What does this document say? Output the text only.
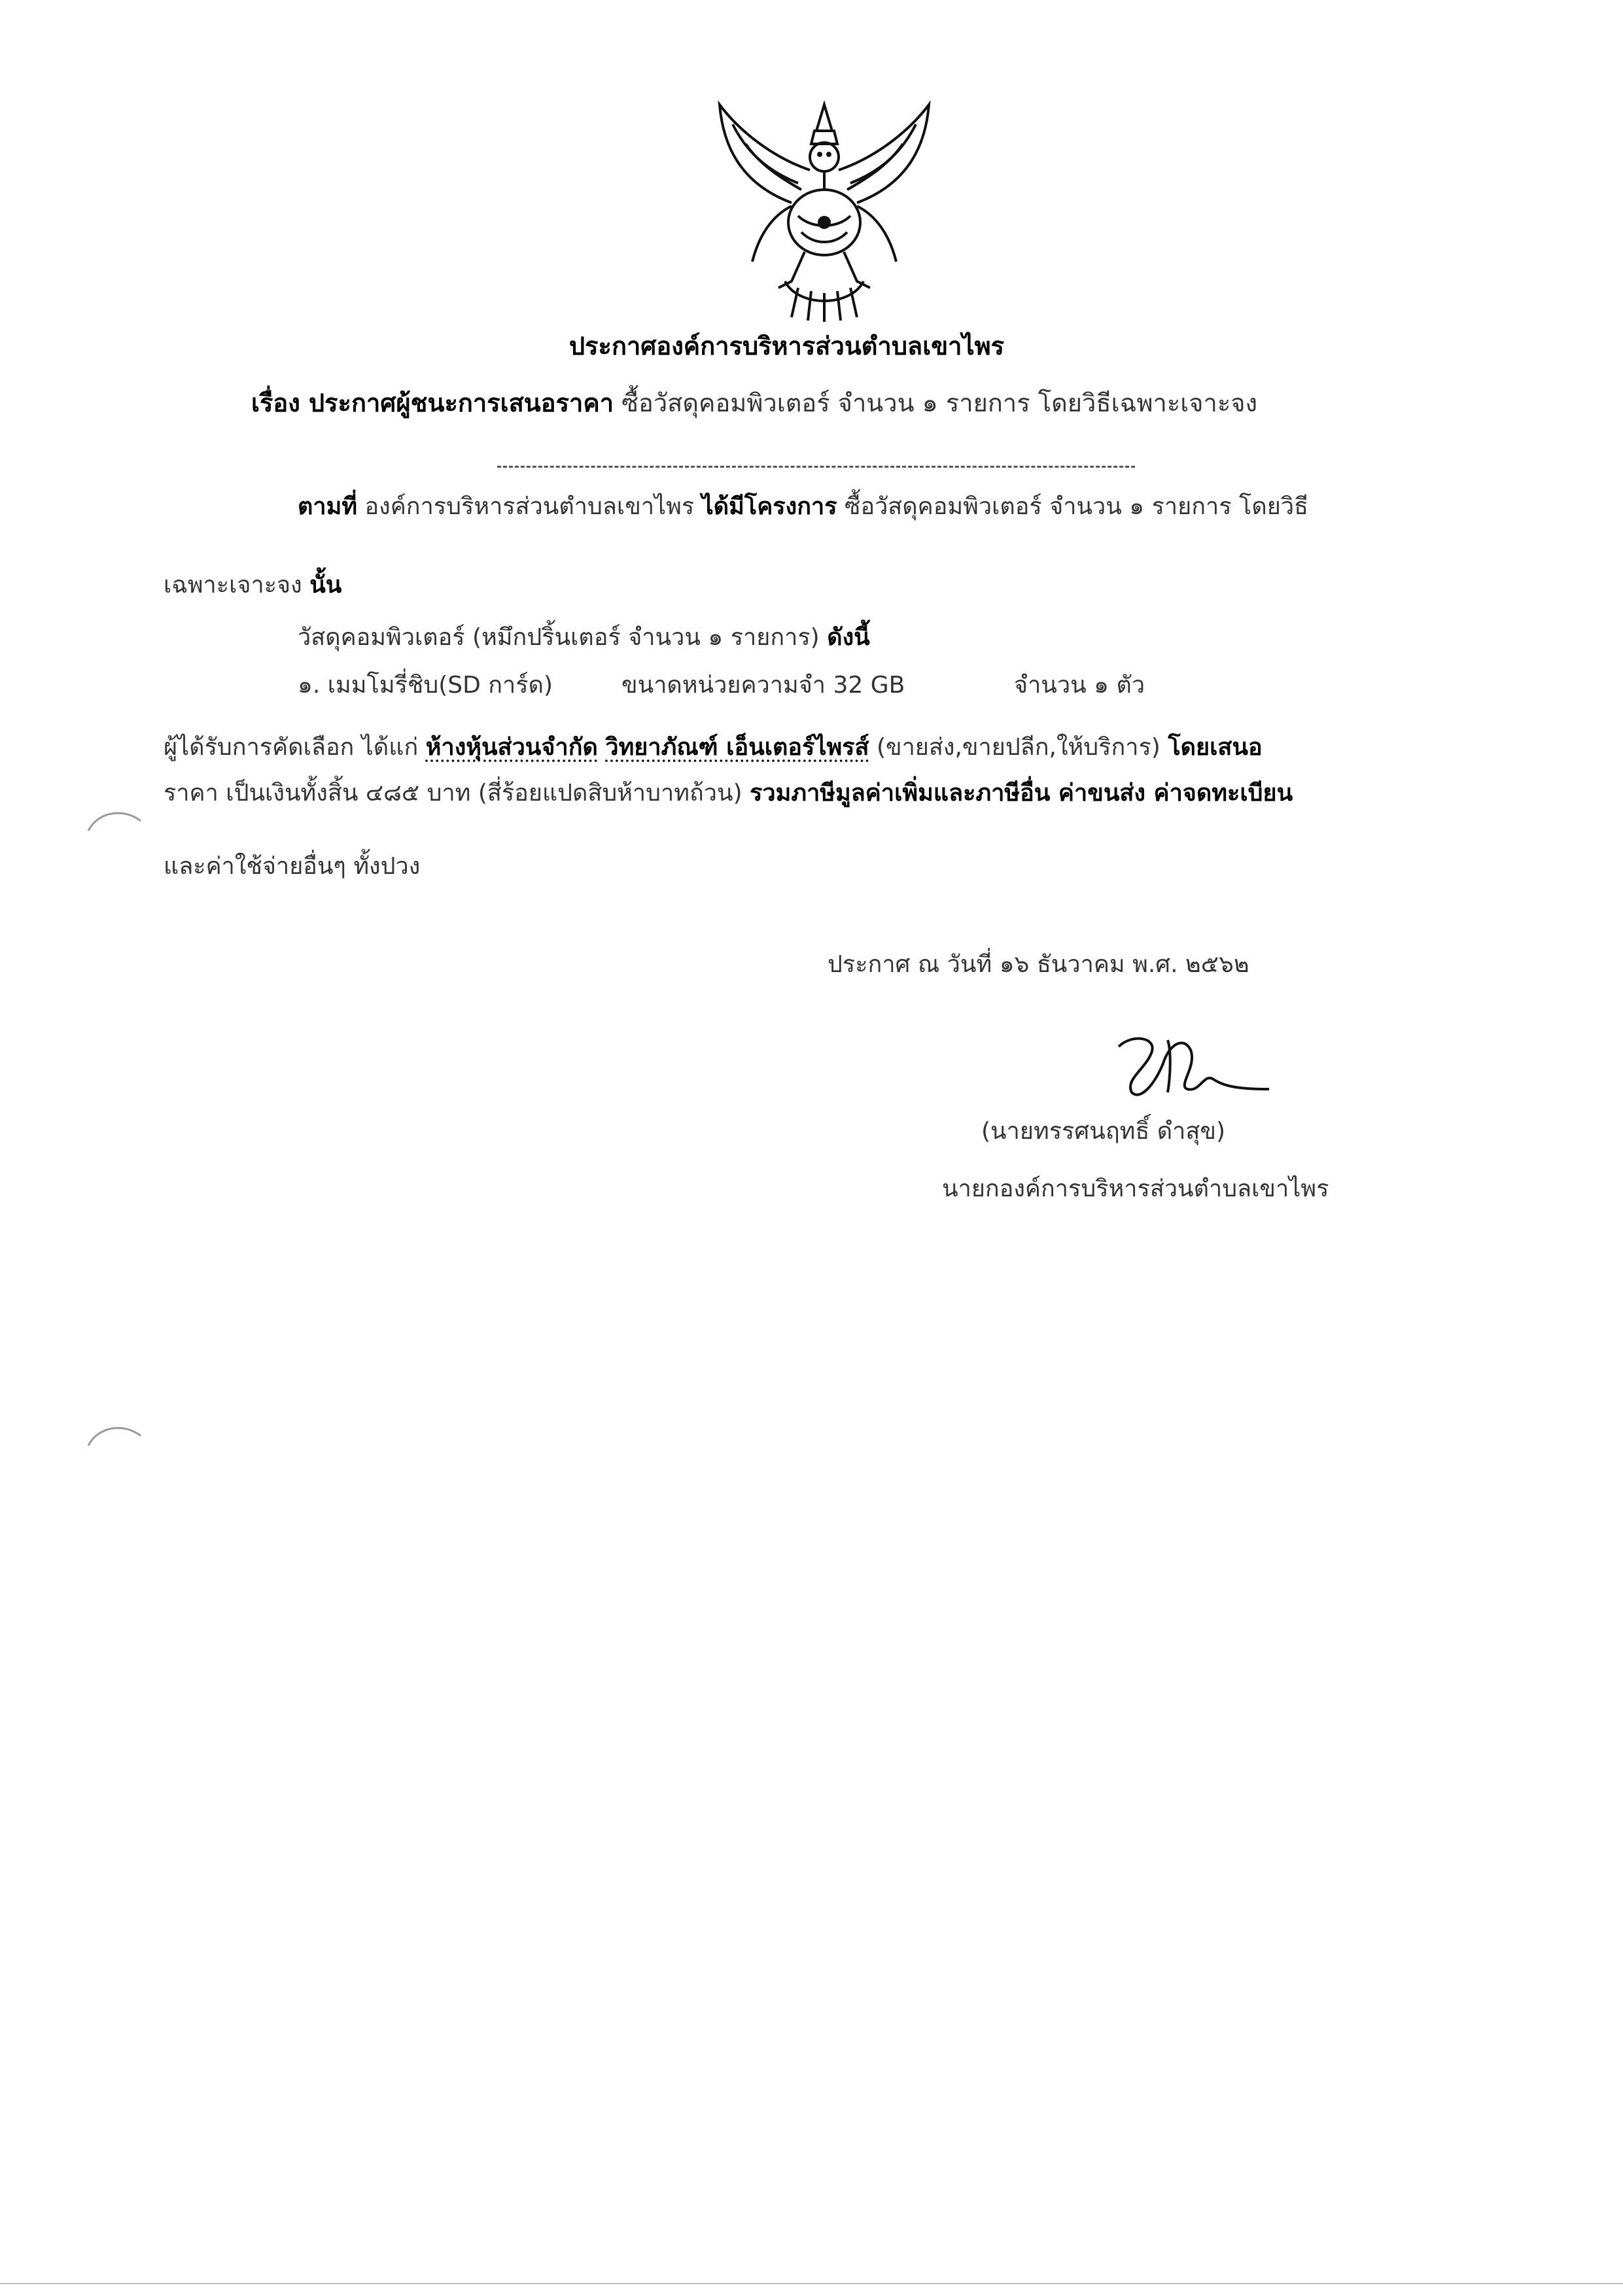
ประกาศองค์การบริหารส่วนตำบลเขาไพร
เรื่อง ประกาศผู้ชนะการเสนอราคา ซื้อวัสดุคอมพิวเตอร์ จำนวน ๑ รายการ โดยวิธีเฉพาะเจาะจง
ตามที่ องค์การบริหารส่วนตำบลเขาไพร ได้มีโครงการ ซื้อวัสดุคอมพิวเตอร์ จำนวน ๑ รายการ โดยวิธี
เฉพาะเจาะจง นั้น
วัสดุคอมพิวเตอร์ (หมึกปริ้นเตอร์ จำนวน ๑ รายการ) ดังนี้
๑. เมมโมรี่ชิบ(SD การ์ด)	ขนาดหน่วยความจำ 32 GB	จำนวน ๑ ตัว
ผู้ได้รับการคัดเลือก ได้แก่ ห้างหุ้นส่วนจำกัด วิทยาภัณฑ์ เอ็นเตอร์ไพรส์ (ขายส่ง,ขายปลีก,ให้บริการ) โดยเสนอ
ราคา เป็นเงินทั้งสิ้น ๔๘๕ บาท (สี่ร้อยแปดสิบห้าบาทถ้วน) รวมภาษีมูลค่าเพิ่มและภาษีอื่น ค่าขนส่ง ค่าจดทะเบียน
และค่าใช้จ่ายอื่นๆ ทั้งปวง
ประกาศ ณ วันที่ ๑๖ ธันวาคม พ.ศ. ๒๕๖๒
(นายทรรศนฤทธิ์ ดำสุข)
นายกองค์การบริหารส่วนตำบลเขาไพร
